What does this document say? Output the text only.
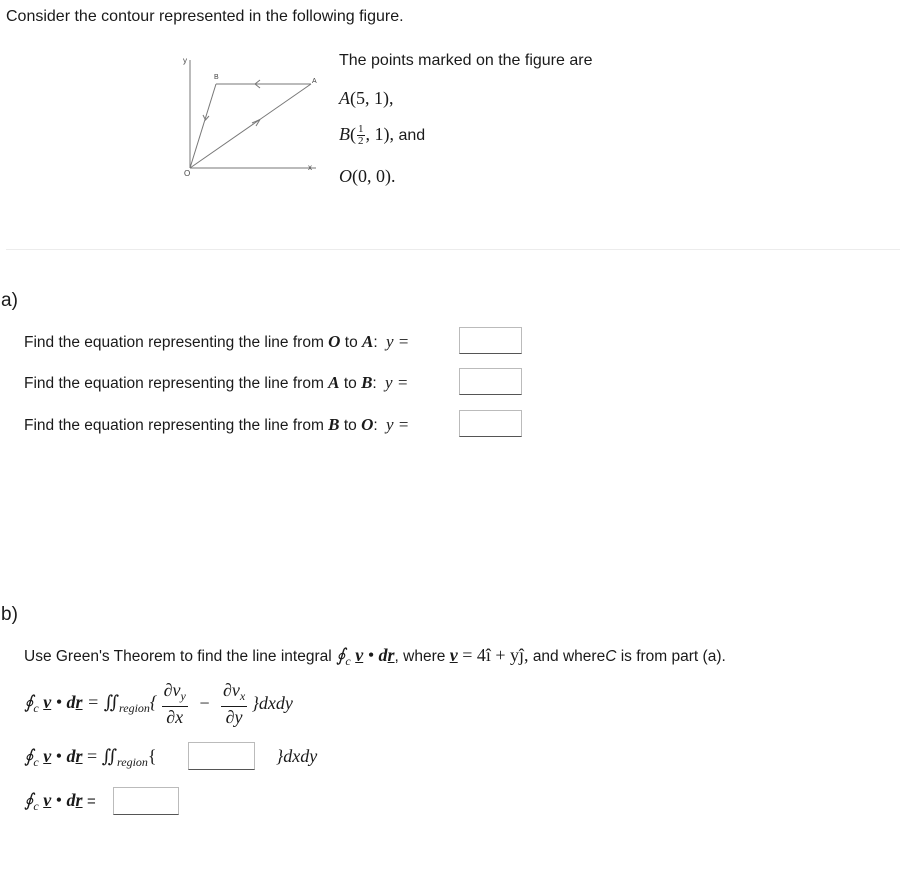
Consider the contour represented in the following figure.
y
x
O
B
A
The points marked on the figure are
A(5, 1),
$B( \frac{1}{2}$ , 1), and
O(0, 0).
a)
Find the equation representing the line from O to A: y =
Find the equation representing the line from A to B: y =
Find the equation representing the line from B to O: y =
b)
Use Green's Theorem to find the line integral $∮_c$ v • dr, where v = 4î + yĵ, and whereC is from part (a).
$∮_c$ v • dr = $∬_{region}\{ \frac{\partial v_y}{\partial x} - \frac{\partial v_x}{\partial y}$ }dxdy
$∮_c$ v • dr = $∬_{region}${	}dxdy
$∮_c$ v • dr =
